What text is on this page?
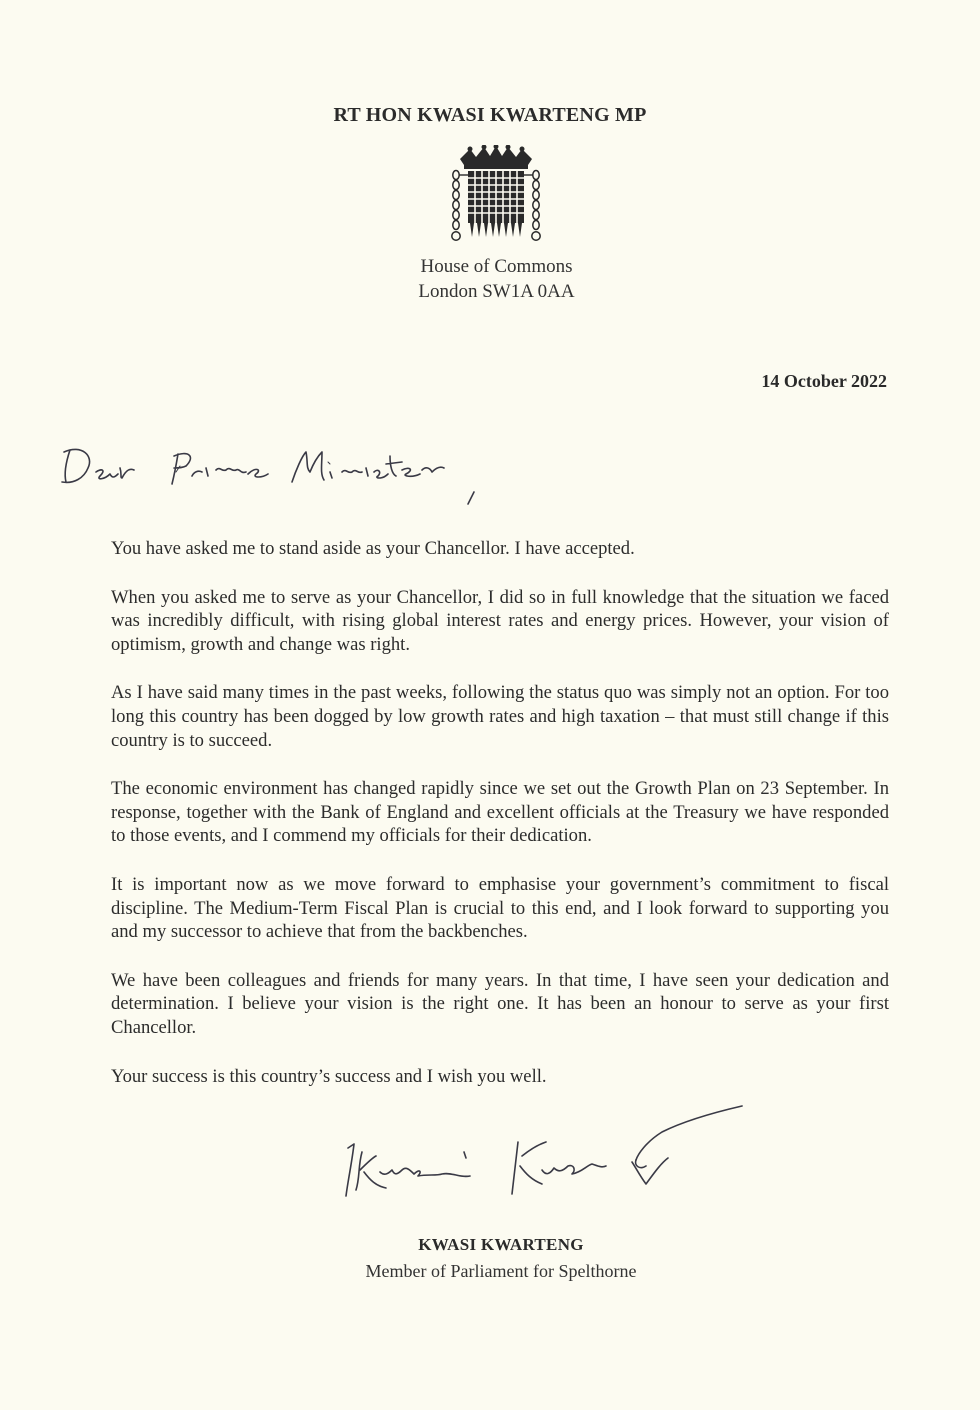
RT HON KWASI KWARTENG MP
House of Commons
London SW1A 0AA
14 October 2022

You have asked me to stand aside as your Chancellor. I have accepted.

When you asked me to serve as your Chancellor, I did so in full knowledge that the situation we faced was incredibly difficult, with rising global interest rates and energy prices. However, your vision of optimism, growth and change was right.

As I have said many times in the past weeks, following the status quo was simply not an option. For too long this country has been dogged by low growth rates and high taxation – that must still change if this country is to succeed.

The economic environment has changed rapidly since we set out the Growth Plan on 23 September. In response, together with the Bank of England and excellent officials at the Treasury we have responded to those events, and I commend my officials for their dedication.

It is important now as we move forward to emphasise your government’s commitment to fiscal discipline. The Medium-Term Fiscal Plan is crucial to this end, and I look forward to supporting you and my successor to achieve that from the backbenches.

We have been colleagues and friends for many years. In that time, I have seen your dedication and determination. I believe your vision is the right one. It has been an honour to serve as your first Chancellor.

Your success is this country’s success and I wish you well.

KWASI KWARTENG
Member of Parliament for Spelthorne
